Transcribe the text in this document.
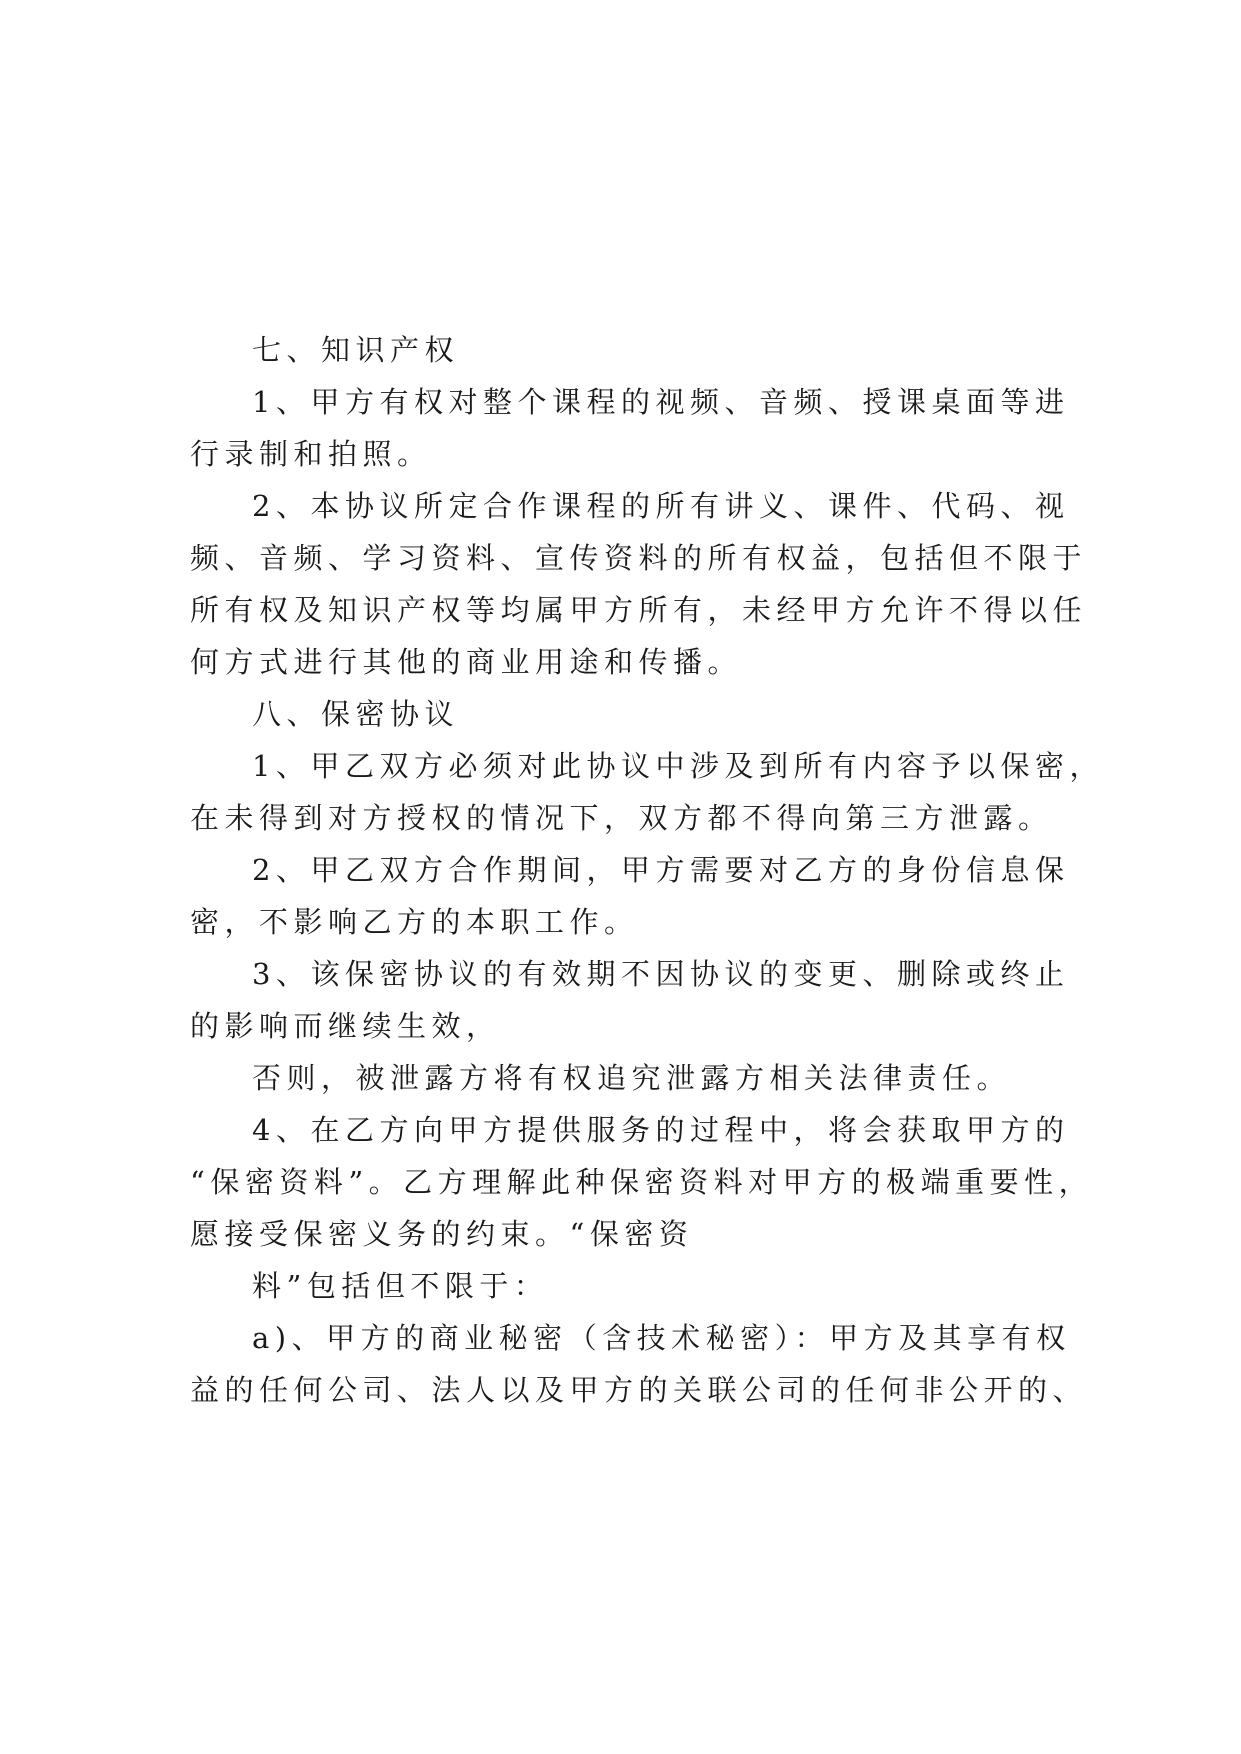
七、知识产权
1、甲方有权对整个课程的视频、音频、授课桌面等进
行录制和拍照。
2、本协议所定合作课程的所有讲义、课件、代码、视
频、音频、学习资料、宣传资料的所有权益，包括但不限于
所有权及知识产权等均属甲方所有，未经甲方允许不得以任
何方式进行其他的商业用途和传播。
八、保密协议
1、甲乙双方必须对此协议中涉及到所有内容予以保密，
在未得到对方授权的情况下，双方都不得向第三方泄露。
2、甲乙双方合作期间，甲方需要对乙方的身份信息保
密，不影响乙方的本职工作。
3、该保密协议的有效期不因协议的变更、删除或终止
的影响而继续生效，
否则，被泄露方将有权追究泄露方相关法律责任。
4、在乙方向甲方提供服务的过程中，将会获取甲方的
“保密资料”。乙方理解此种保密资料对甲方的极端重要性，
愿接受保密义务的约束。“保密资
料”包括但不限于：
a)、甲方的商业秘密（含技术秘密）：甲方及其享有权
益的任何公司、法人以及甲方的关联公司的任何非公开的、
